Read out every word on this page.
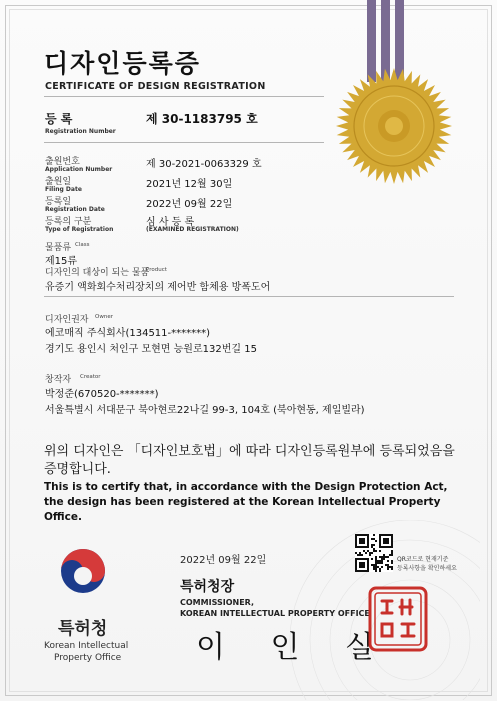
디자인등록증
CERTIFICATE OF DESIGN REGISTRATION
등 록
Registration Number
제 30-1183795 호
출원번호
Application Number	제 30-2021-0063329 호
출원일
Filing Date	2021년 12월 30일
등록일
Registration Date	2022년 09월 22일
등록의 구분
Type of Registration
심 사 등 록
(EXAMINED REGISTRATION)
물품류 Class
제15류
디자인의 대상이 되는 물품
Product
유증기 액화회수처리장치의 제어반 함체용 방폭도어
디자인권자 Owner
에코매직 주식회사(134511-*******)
경기도 용인시 처인구 모현면 능원로132번길 15
창작자 Creator
박정준(670520-*******)
서울특별시 서대문구 북아현로22나길 99-3, 104호 (북아현동, 제일빌라)
위의 디자인은 「디자인보호법」에 따라 디자인등록원부에 등록되었음을
증명합니다.
This is to certify that, in accordance with the Design Protection Act, the design has been registered at the Korean Intellectual Property Office.
2022년 09월 22일
특허청장
COMMISSIONER,
KOREAN INTELLECTUAL PROPERTY OFFICE
이 인 실
QR코드로 현재기준
등록사항을 확인하세요
특허청
Korean Intellectual
Property Office
